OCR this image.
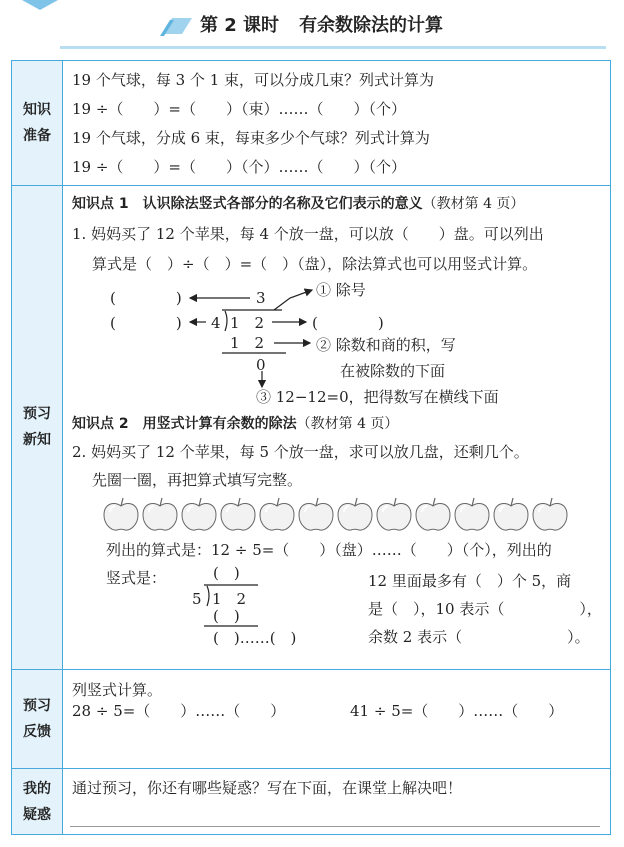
第 2 课时 有余数除法的计算
知识
准备
预习
新知
预习
反馈
我的
疑惑
19 个气球，每 3 个 1 束，可以分成几束？列式计算为
19 ÷（　　）=（　　）（束）……（　　）（个）
19 个气球，分成 6 束，每束多少个气球？列式计算为
19 ÷（　　）=（　　）（个）……（　　）（个）
知识点 1　认识除法竖式各部分的名称及它们表示的意义（教材第 4 页）
1. 妈妈买了 12 个苹果，每 4 个放一盘，可以放（　　）盘。可以列出
算式是（　）÷（　）=（　）（盘），除法算式也可以用竖式计算。
(　　　　)
(　　　　)
3
4 1　2
1　2
0
(　　　　)
① 除号
② 除数和商的积，写
在被除数的下面
③ 12−12=0，把得数写在横线下面
知识点 2　用竖式计算有余数的除法（教材第 4 页）
2. 妈妈买了 12 个苹果，每 5 个放一盘，求可以放几盘，还剩几个。
先圈一圈，再把算式填写完整。
列出的算式是：12 ÷ 5=（　　）（盘）……（　　）（个），列出的
竖式是：	(　)
5 1　2
(　)
(　)……(　)
12 里面最多有（　）个 5，商
是（　），10 表示（　　　　　），
余数 2 表示（　　　　　　　）。
列竖式计算。
28 ÷ 5=（　　）……（　　）	41 ÷ 5=（　　）……（　　）
通过预习，你还有哪些疑惑？写在下面，在课堂上解决吧！
